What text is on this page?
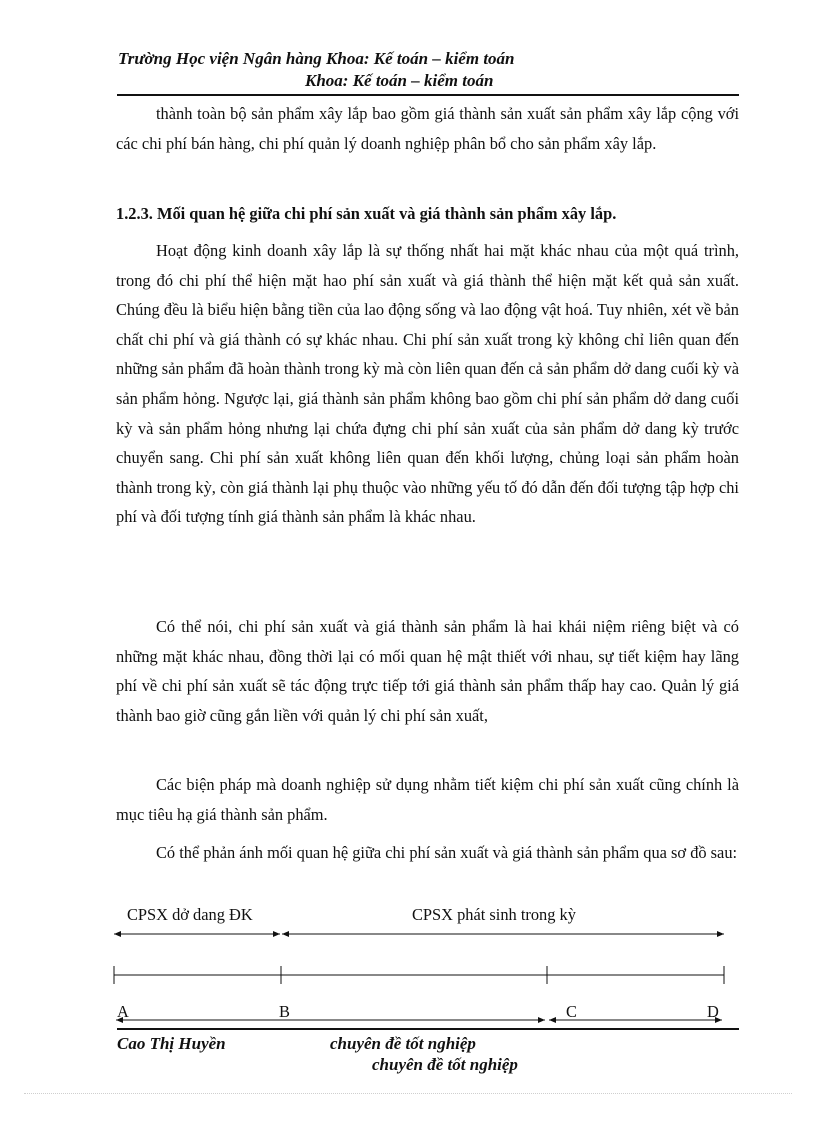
Trường Học viện Ngân hàng Khoa: Kế toán – kiểm toán
Khoa: Kế toán – kiểm toán

thành toàn bộ sản phẩm xây lắp bao gồm giá thành sản xuất sản phẩm xây lắp cộng với các chi phí bán hàng, chi phí quản lý doanh nghiệp phân bổ cho sản phẩm xây lắp.

1.2.3. Mối quan hệ giữa chi phí sản xuất và giá thành sản phẩm xây lắp.

Hoạt động kinh doanh xây lắp là sự thống nhất hai mặt khác nhau của một quá trình, trong đó chi phí thể hiện mặt hao phí sản xuất và giá thành thể hiện mặt kết quả sản xuất. Chúng đều là biểu hiện bằng tiền của lao động sống và lao động vật hoá. Tuy nhiên, xét về bản chất chi phí và giá thành có sự khác nhau. Chi phí sản xuất trong kỳ không chỉ liên quan đến những sản phẩm đã hoàn thành trong kỳ mà còn liên quan đến cả sản phẩm dở dang cuối kỳ và sản phẩm hỏng. Ngược lại, giá thành sản phẩm không bao gồm chi phí sản phẩm dở dang cuối kỳ và sản phẩm hỏng nhưng lại chứa đựng chi phí sản xuất của sản phẩm dở dang kỳ trước chuyển sang. Chi phí sản xuất không liên quan đến khối lượng, chủng loại sản phẩm hoàn thành trong kỳ, còn giá thành lại phụ thuộc vào những yếu tố đó dẫn đến đối tượng tập hợp chi phí và đối tượng tính giá thành sản phẩm là khác nhau.

Có thể nói, chi phí sản xuất và giá thành sản phẩm là hai khái niệm riêng biệt và có những mặt khác nhau, đồng thời lại có mối quan hệ mật thiết với nhau, sự tiết kiệm hay lãng phí về chi phí sản xuất sẽ tác động trực tiếp tới giá thành sản phẩm thấp hay cao. Quản lý giá thành bao giờ cũng gắn liền với quản lý chi phí sản xuất,

Các biện pháp mà doanh nghiệp sử dụng nhằm tiết kiệm chi phí sản xuất cũng chính là mục tiêu hạ giá thành sản phẩm.

Có thể phản ánh mối quan hệ giữa chi phí sản xuất và giá thành sản phẩm qua sơ đồ sau:

CPSX dở dang ĐK	CPSX phát sinh trong kỳ
A	B	C	D
Cao Thị Huyền	chuyên đề tốt nghiệp
chuyên đề tốt nghiệp
